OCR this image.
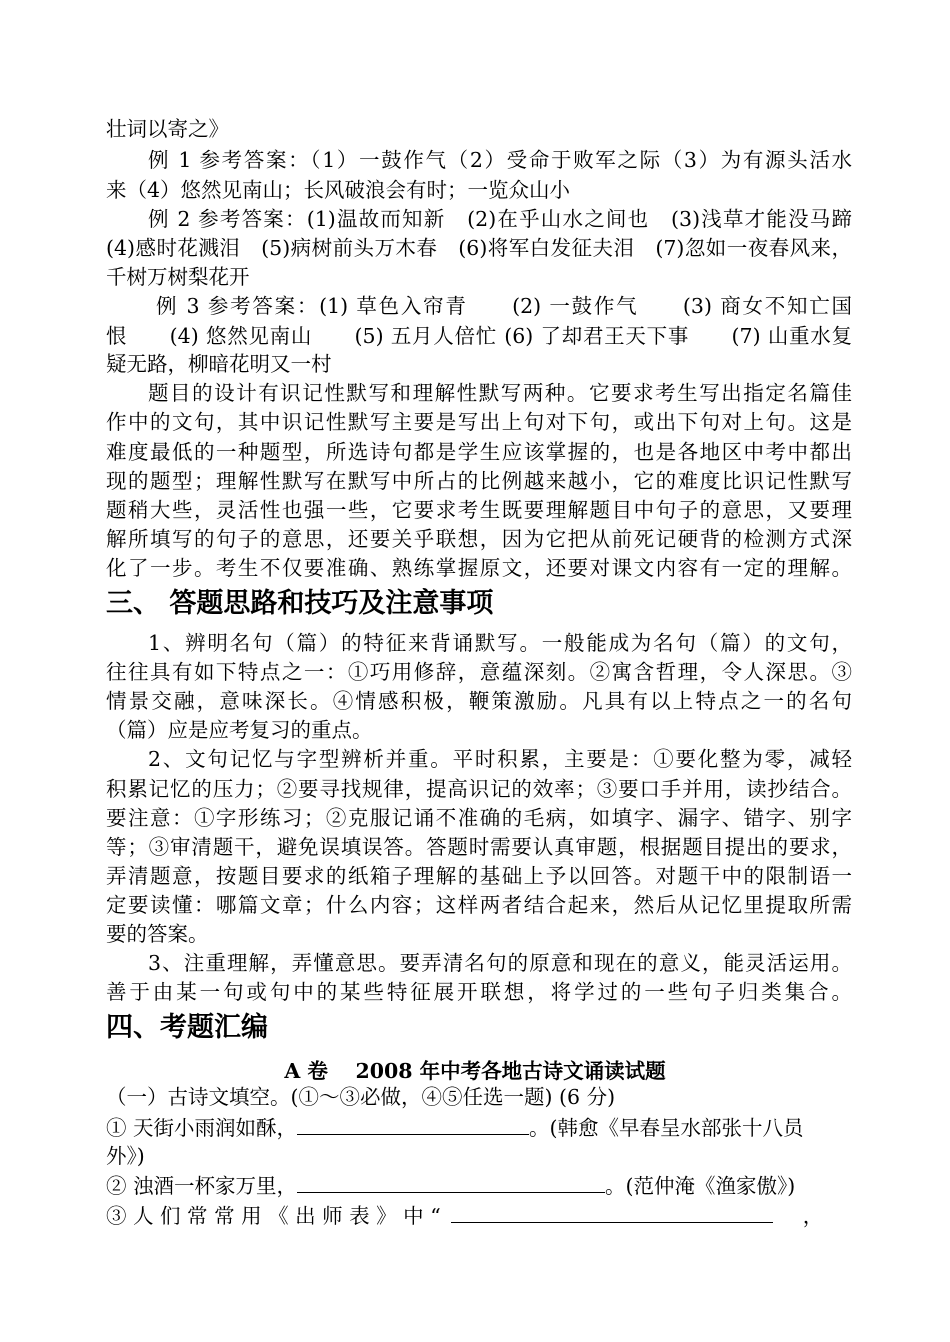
壮词以寄之》
例 1 参考答案：（1）一鼓作气（2）受命于败军之际（3）为有源头活水
来（4）悠然见南山；长风破浪会有时；一览众山小
例 2 参考答案：(1)温故而知新　(2)在乎山水之间也　(3)浅草才能没马蹄
(4)感时花溅泪　(5)病树前头万木春　(6)将军白发征夫泪　(7)忽如一夜春风来，
千树万树梨花开
例 3 参考答案：(1) 草色入帘青　　(2) 一鼓作气　　(3) 商女不知亡国
恨　　(4) 悠然见南山　　(5) 五月人倍忙 (6) 了却君王天下事　　(7) 山重水复
疑无路，柳暗花明又一村
题目的设计有识记性默写和理解性默写两种。它要求考生写出指定名篇佳
作中的文句，其中识记性默写主要是写出上句对下句，或出下句对上句。这是
难度最低的一种题型，所选诗句都是学生应该掌握的，也是各地区中考中都出
现的题型；理解性默写在默写中所占的比例越来越小，它的难度比识记性默写
题稍大些，灵活性也强一些，它要求考生既要理解题目中句子的意思，又要理
解所填写的句子的意思，还要关乎联想，因为它把从前死记硬背的检测方式深
化了一步。考生不仅要准确、熟练掌握原文，还要对课文内容有一定的理解。
三、 答题思路和技巧及注意事项
1、辨明名句（篇）的特征来背诵默写。一般能成为名句（篇）的文句，
往往具有如下特点之一：①巧用修辞，意蕴深刻。②寓含哲理，令人深思。③
情景交融，意味深长。④情感积极，鞭策激励。凡具有以上特点之一的名句
（篇）应是应考复习的重点。
2、文句记忆与字型辨析并重。平时积累，主要是：①要化整为零，减轻
积累记忆的压力；②要寻找规律，提高识记的效率；③要口手并用，读抄结合。
要注意：①字形练习；②克服记诵不准确的毛病，如填字、漏字、错字、别字
等；③审清题干，避免误填误答。答题时需要认真审题，根据题目提出的要求，
弄清题意，按题目要求的纸箱子理解的基础上予以回答。对题干中的限制语一
定要读懂：哪篇文章；什么内容；这样两者结合起来，然后从记忆里提取所需
要的答案。
3、注重理解，弄懂意思。要弄清名句的原意和现在的意义，能灵活运用。
善于由某一句或句中的某些特征展开联想，将学过的一些句子归类集合。
四、考题汇编
A 卷　 2008 年中考各地古诗文诵读试题
（一）古诗文填空。(①～③必做，④⑤任选一题) (6 分)
① 天街小雨润如酥，	。(韩愈《早春呈水部张十八员
外》)
② 浊酒一杯家万里，	。(范仲淹《渔家傲》)
③ 人 们 常 常 用 《 出 师 表 》 中 “	，
